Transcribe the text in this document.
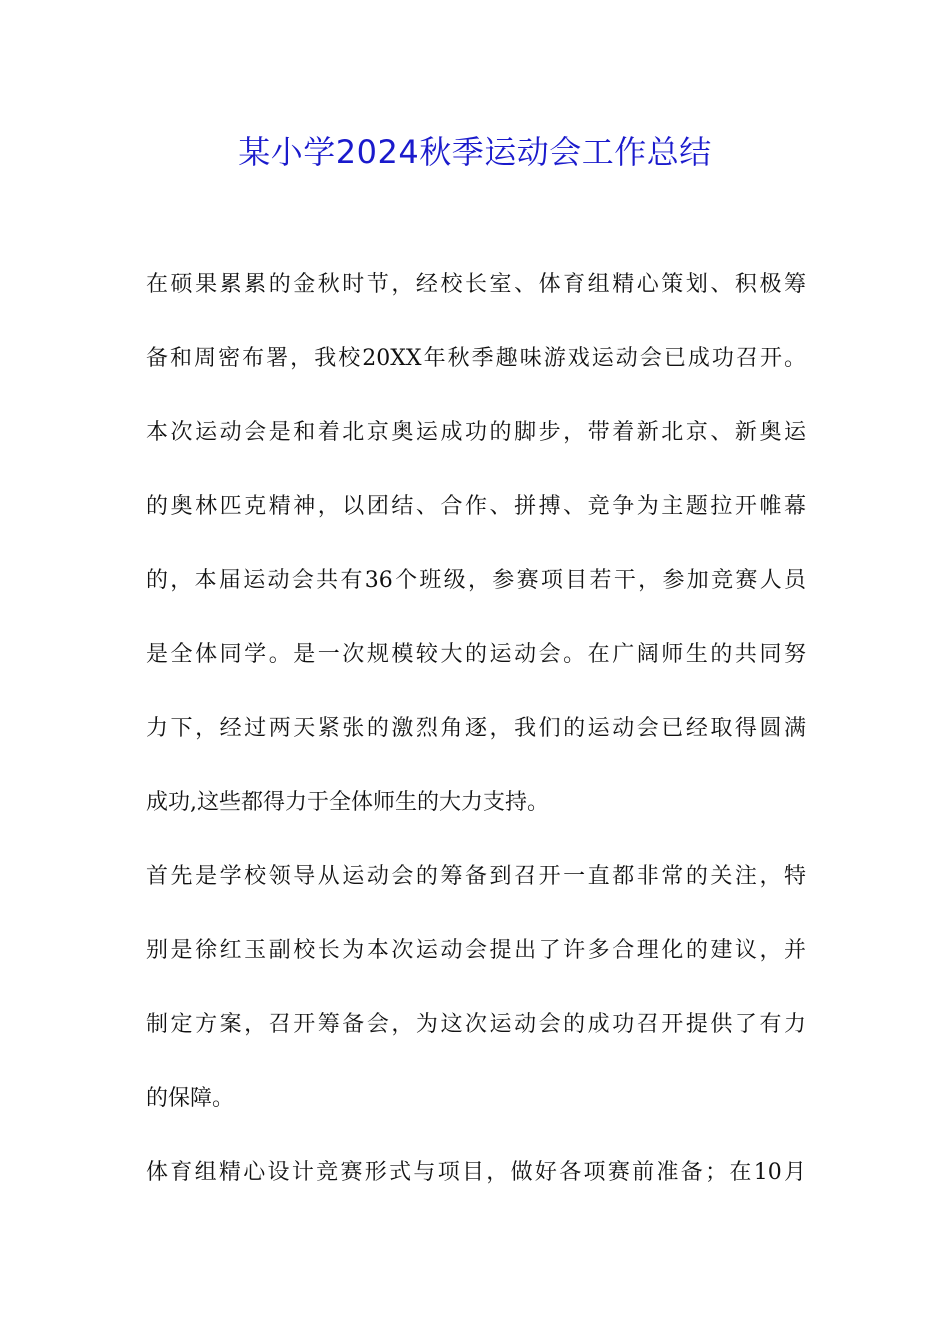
某小学2024秋季运动会工作总结

在硕果累累的金秋时节，经校长室、体育组精心策划、积极筹

备和周密布署，我校20XX年秋季趣味游戏运动会已成功召开。

本次运动会是和着北京奥运成功的脚步，带着新北京、新奥运

的奥林匹克精神，以团结、合作、拼搏、竞争为主题拉开帷幕

的，本届运动会共有36个班级，参赛项目若干，参加竞赛人员

是全体同学。是一次规模较大的运动会。在广阔师生的共同努

力下，经过两天紧张的激烈角逐，我们的运动会已经取得圆满

成功,这些都得力于全体师生的大力支持。

首先是学校领导从运动会的筹备到召开一直都非常的关注，特

别是徐红玉副校长为本次运动会提出了许多合理化的建议，并

制定方案，召开筹备会，为这次运动会的成功召开提供了有力

的保障。

体育组精心设计竞赛形式与项目，做好各项赛前准备；在10月
